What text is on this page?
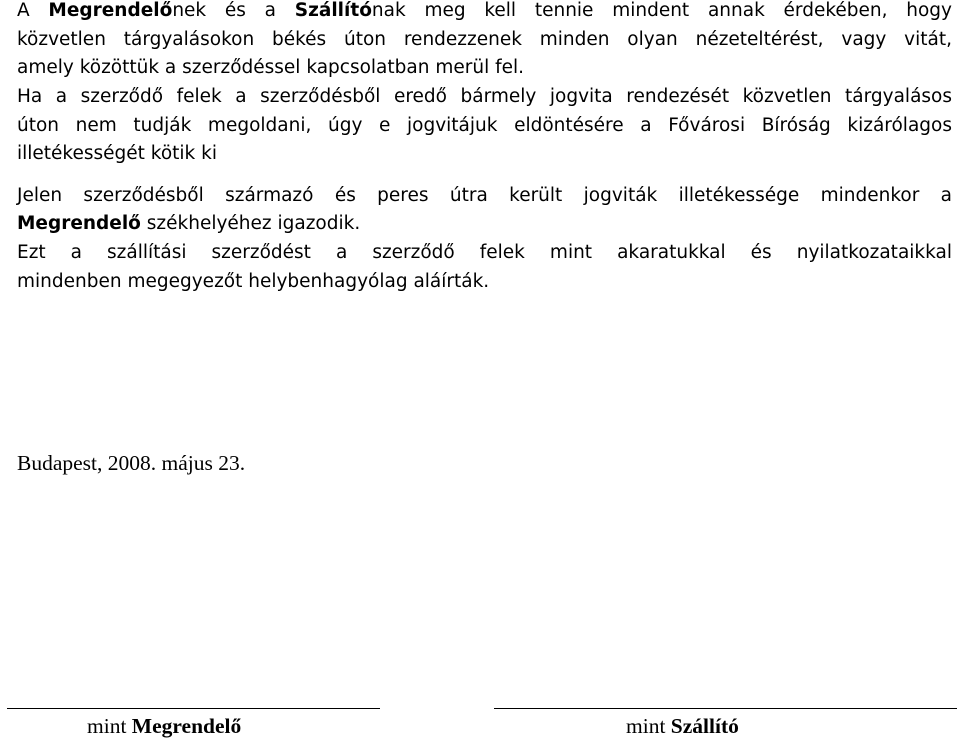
A Megrendelőnek és a Szállítónak meg kell tennie mindent annak érdekében, hogy
közvetlen tárgyalásokon békés úton rendezzenek minden olyan nézeteltérést, vagy vitát,
amely közöttük a szerződéssel kapcsolatban merül fel.
Ha a szerződő felek a szerződésből eredő bármely jogvita rendezését közvetlen tárgyalásos
úton nem tudják megoldani, úgy e jogvitájuk eldöntésére a Fővárosi Bíróság kizárólagos
illetékességét kötik ki
Jelen szerződésből származó és peres útra került jogviták illetékessége mindenkor a
Megrendelő székhelyéhez igazodik.
Ezt a szállítási szerződést a szerződő felek mint akaratukkal és nyilatkozataikkal
mindenben megegyezőt helybenhagyólag aláírták.
Budapest, 2008. május 23.
mint Megrendelő	mint Szállító
